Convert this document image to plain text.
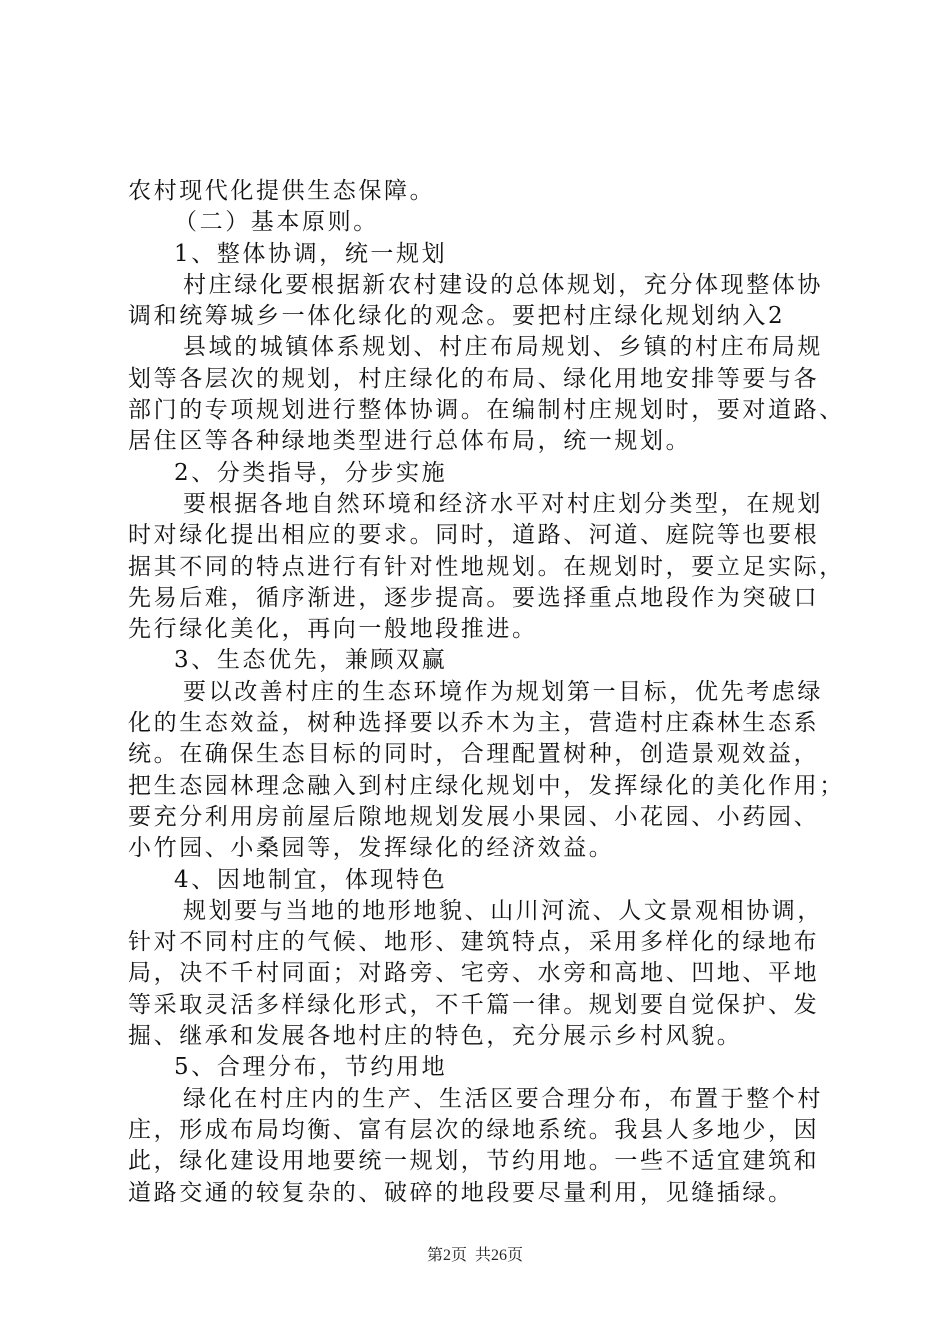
农村现代化提供生态保障。
（二）基本原则。
1、整体协调，统一规划
村庄绿化要根据新农村建设的总体规划，充分体现整体协
调和统筹城乡一体化绿化的观念。要把村庄绿化规划纳入2
县域的城镇体系规划、村庄布局规划、乡镇的村庄布局规
划等各层次的规划，村庄绿化的布局、绿化用地安排等要与各
部门的专项规划进行整体协调。在编制村庄规划时，要对道路、
居住区等各种绿地类型进行总体布局，统一规划。
2、分类指导，分步实施
要根据各地自然环境和经济水平对村庄划分类型，在规划
时对绿化提出相应的要求。同时，道路、河道、庭院等也要根
据其不同的特点进行有针对性地规划。在规划时，要立足实际，
先易后难，循序渐进，逐步提高。要选择重点地段作为突破口
先行绿化美化，再向一般地段推进。
3、生态优先，兼顾双赢
要以改善村庄的生态环境作为规划第一目标，优先考虑绿
化的生态效益，树种选择要以乔木为主，营造村庄森林生态系
统。在确保生态目标的同时，合理配置树种，创造景观效益，
把生态园林理念融入到村庄绿化规划中，发挥绿化的美化作用；
要充分利用房前屋后隙地规划发展小果园、小花园、小药园、
小竹园、小桑园等，发挥绿化的经济效益。
4、因地制宜，体现特色
规划要与当地的地形地貌、山川河流、人文景观相协调，
针对不同村庄的气候、地形、建筑特点，采用多样化的绿地布
局，决不千村同面；对路旁、宅旁、水旁和高地、凹地、平地
等采取灵活多样绿化形式，不千篇一律。规划要自觉保护、发
掘、继承和发展各地村庄的特色，充分展示乡村风貌。
5、合理分布，节约用地
绿化在村庄内的生产、生活区要合理分布，布置于整个村
庄，形成布局均衡、富有层次的绿地系统。我县人多地少，因
此，绿化建设用地要统一规划，节约用地。一些不适宜建筑和
道路交通的较复杂的、破碎的地段要尽量利用，见缝插绿。
第2页 共26页
